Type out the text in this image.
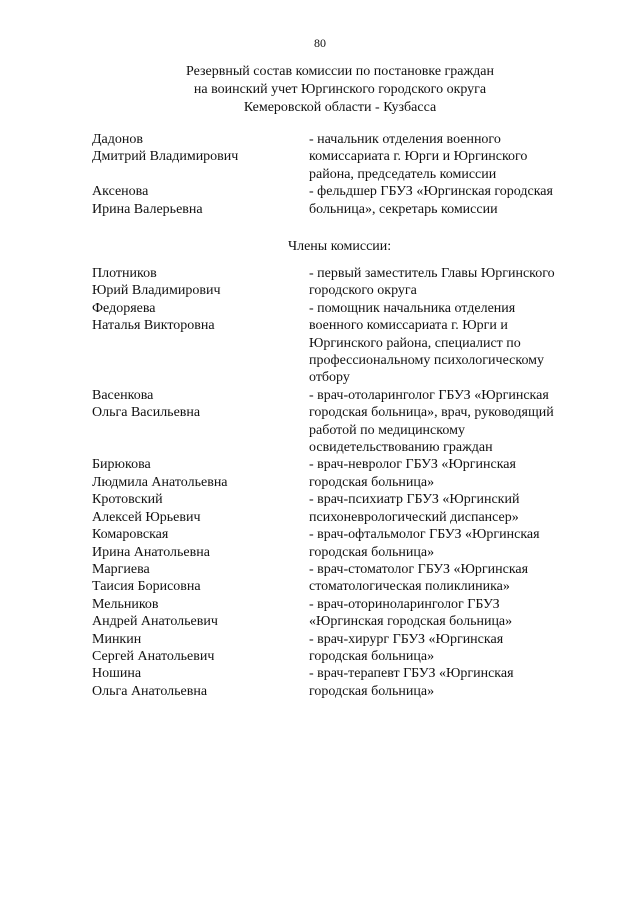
80
Резервный состав комиссии по постановке граждан
на воинский учет Юргинского городского округа
Кемеровской области - Кузбасса
Дадонов
Дмитрий Владимирович
- начальник отделения военного
комиссариата г. Юрги и Юргинского
района, председатель комиссии
Аксенова
Ирина Валерьевна
- фельдшер ГБУЗ «Юргинская городская
больница», секретарь комиссии
Члены комиссии:
Плотников
Юрий Владимирович
- первый заместитель Главы Юргинского
городского округа
Федоряева
Наталья Викторовна
- помощник начальника отделения
военного комиссариата г. Юрги и
Юргинского района, специалист по
профессиональному психологическому
отбору
Васенкова
Ольга Васильевна
- врач-отоларинголог ГБУЗ «Юргинская
городская больница», врач, руководящий
работой по медицинскому
освидетельствованию граждан
Бирюкова
Людмила Анатольевна
- врач-невролог ГБУЗ «Юргинская
городская больница»
Кротовский
Алексей Юрьевич
- врач-психиатр ГБУЗ «Юргинский
психоневрологический диспансер»
Комаровская
Ирина Анатольевна
- врач-офтальмолог ГБУЗ «Юргинская
городская больница»
Маргиева
Таисия Борисовна
- врач-стоматолог ГБУЗ «Юргинская
стоматологическая поликлиника»
Мельников
Андрей Анатольевич
- врач-оториноларинголог ГБУЗ
«Юргинская городская больница»
Минкин
Сергей Анатольевич
- врач-хирург ГБУЗ «Юргинская
городская больница»
Ношина
Ольга Анатольевна
- врач-терапевт ГБУЗ «Юргинская
городская больница»
